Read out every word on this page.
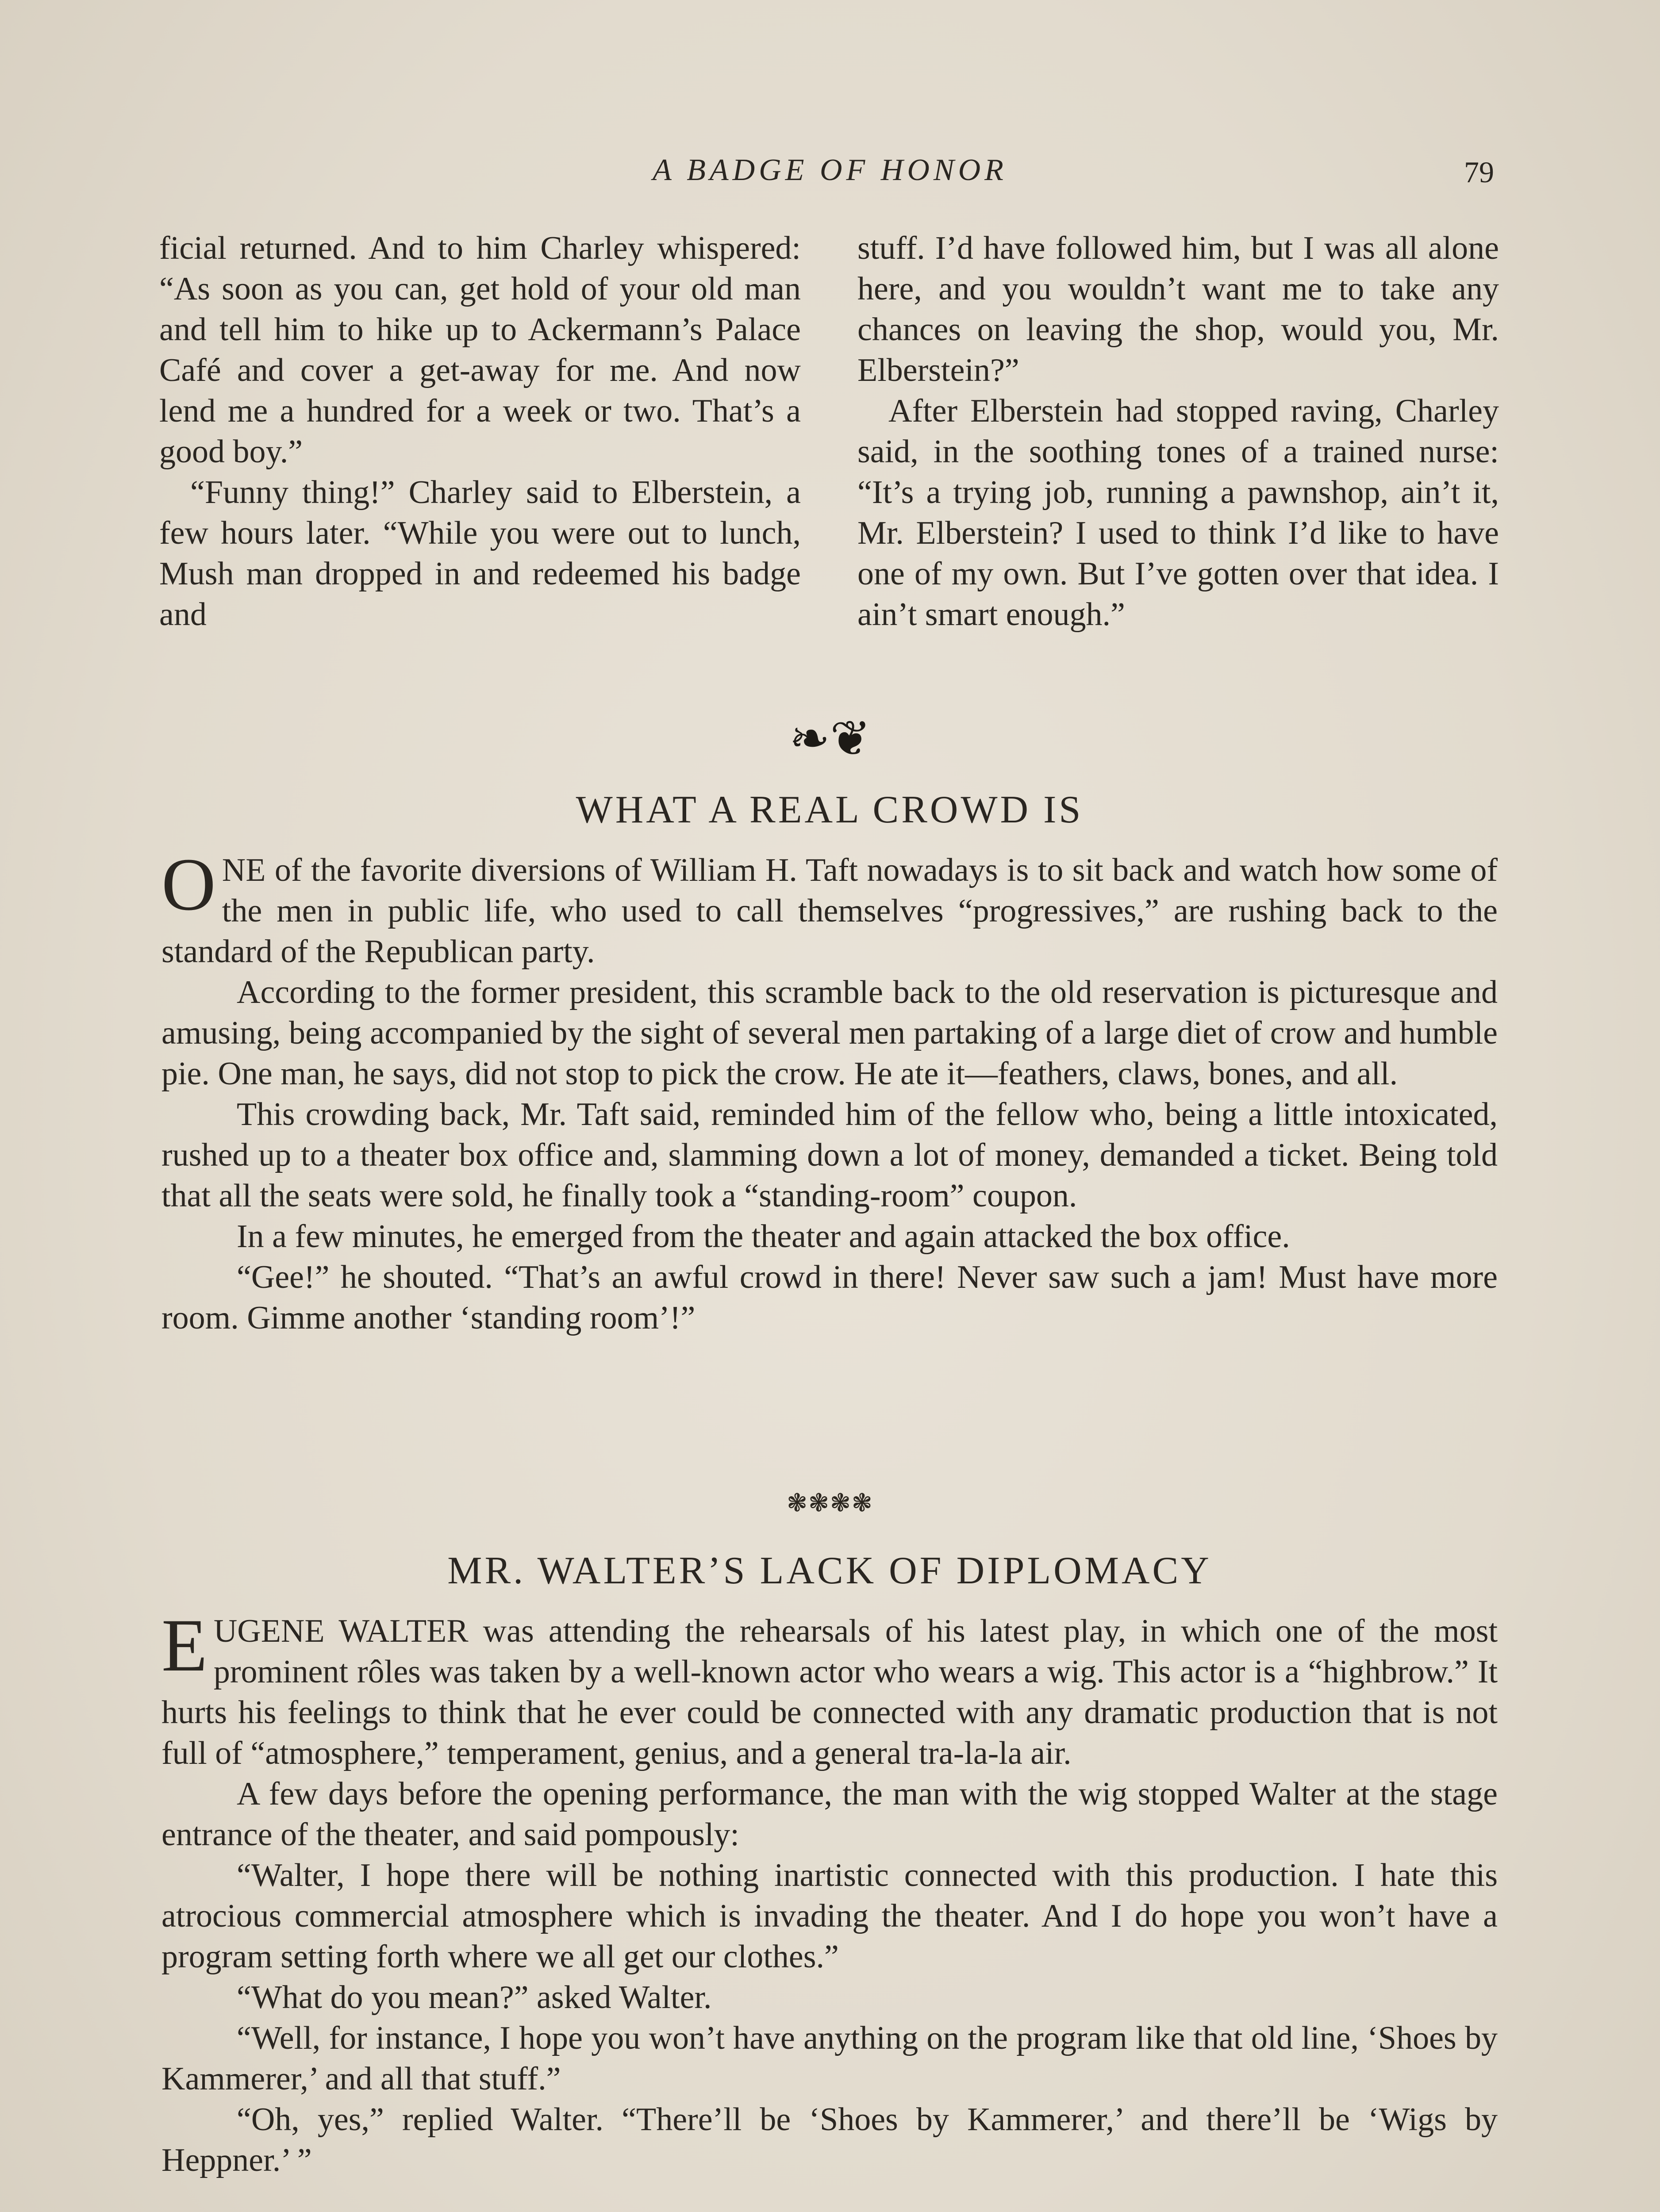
A BADGE OF HONOR	79

ficial returned. And to him Charley whispered: “As soon as you can, get hold of your old man and tell him to hike up to Ackermann’s Palace Café and cover a get-away for me. And now lend me a hundred for a week or two. That’s a good boy.”

“Funny thing!” Charley said to Elberstein, a few hours later. “While you were out to lunch, Mush man dropped in and redeemed his badge and

stuff. I’d have followed him, but I was all alone here, and you wouldn’t want me to take any chances on leaving the shop, would you, Mr. Elberstein?”

After Elberstein had stopped raving, Charley said, in the soothing tones of a trained nurse: “It’s a trying job, running a pawnshop, ain’t it, Mr. Elberstein? I used to think I’d like to have one of my own. But I’ve gotten over that idea. I ain’t smart enough.”

❧❦
WHAT A REAL CROWD IS

ONE of the favorite diversions of William H. Taft nowadays is to sit back and watch how some of the men in public life, who used to call themselves “progressives,” are rushing back to the standard of the Republican party.

According to the former president, this scramble back to the old reservation is picturesque and amusing, being accompanied by the sight of several men partaking of a large diet of crow and humble pie. One man, he says, did not stop to pick the crow. He ate it—feathers, claws, bones, and all.

This crowding back, Mr. Taft said, reminded him of the fellow who, being a little intoxicated, rushed up to a theater box office and, slamming down a lot of money, demanded a ticket. Being told that all the seats were sold, he finally took a “standing-room” coupon.

In a few minutes, he emerged from the theater and again attacked the box office.

“Gee!” he shouted. “That’s an awful crowd in there! Never saw such a jam! Must have more room. Gimme another ‘standing room’!”

❃❃❃❃
MR. WALTER’S LACK OF DIPLOMACY

EUGENE WALTER was attending the rehearsals of his latest play, in which one of the most prominent rôles was taken by a well-known actor who wears a wig. This actor is a “highbrow.” It hurts his feelings to think that he ever could be connected with any dramatic production that is not full of “atmosphere,” temperament, genius, and a general tra-la-la air.

A few days before the opening performance, the man with the wig stopped Walter at the stage entrance of the theater, and said pompously:

“Walter, I hope there will be nothing inartistic connected with this production. I hate this atrocious commercial atmosphere which is invading the theater. And I do hope you won’t have a program setting forth where we all get our clothes.”

“What do you mean?” asked Walter.

“Well, for instance, I hope you won’t have anything on the program like that old line, ‘Shoes by Kammerer,’ and all that stuff.”

“Oh, yes,” replied Walter. “There’ll be ‘Shoes by Kammerer,’ and there’ll be ‘Wigs by Heppner.’ ”
